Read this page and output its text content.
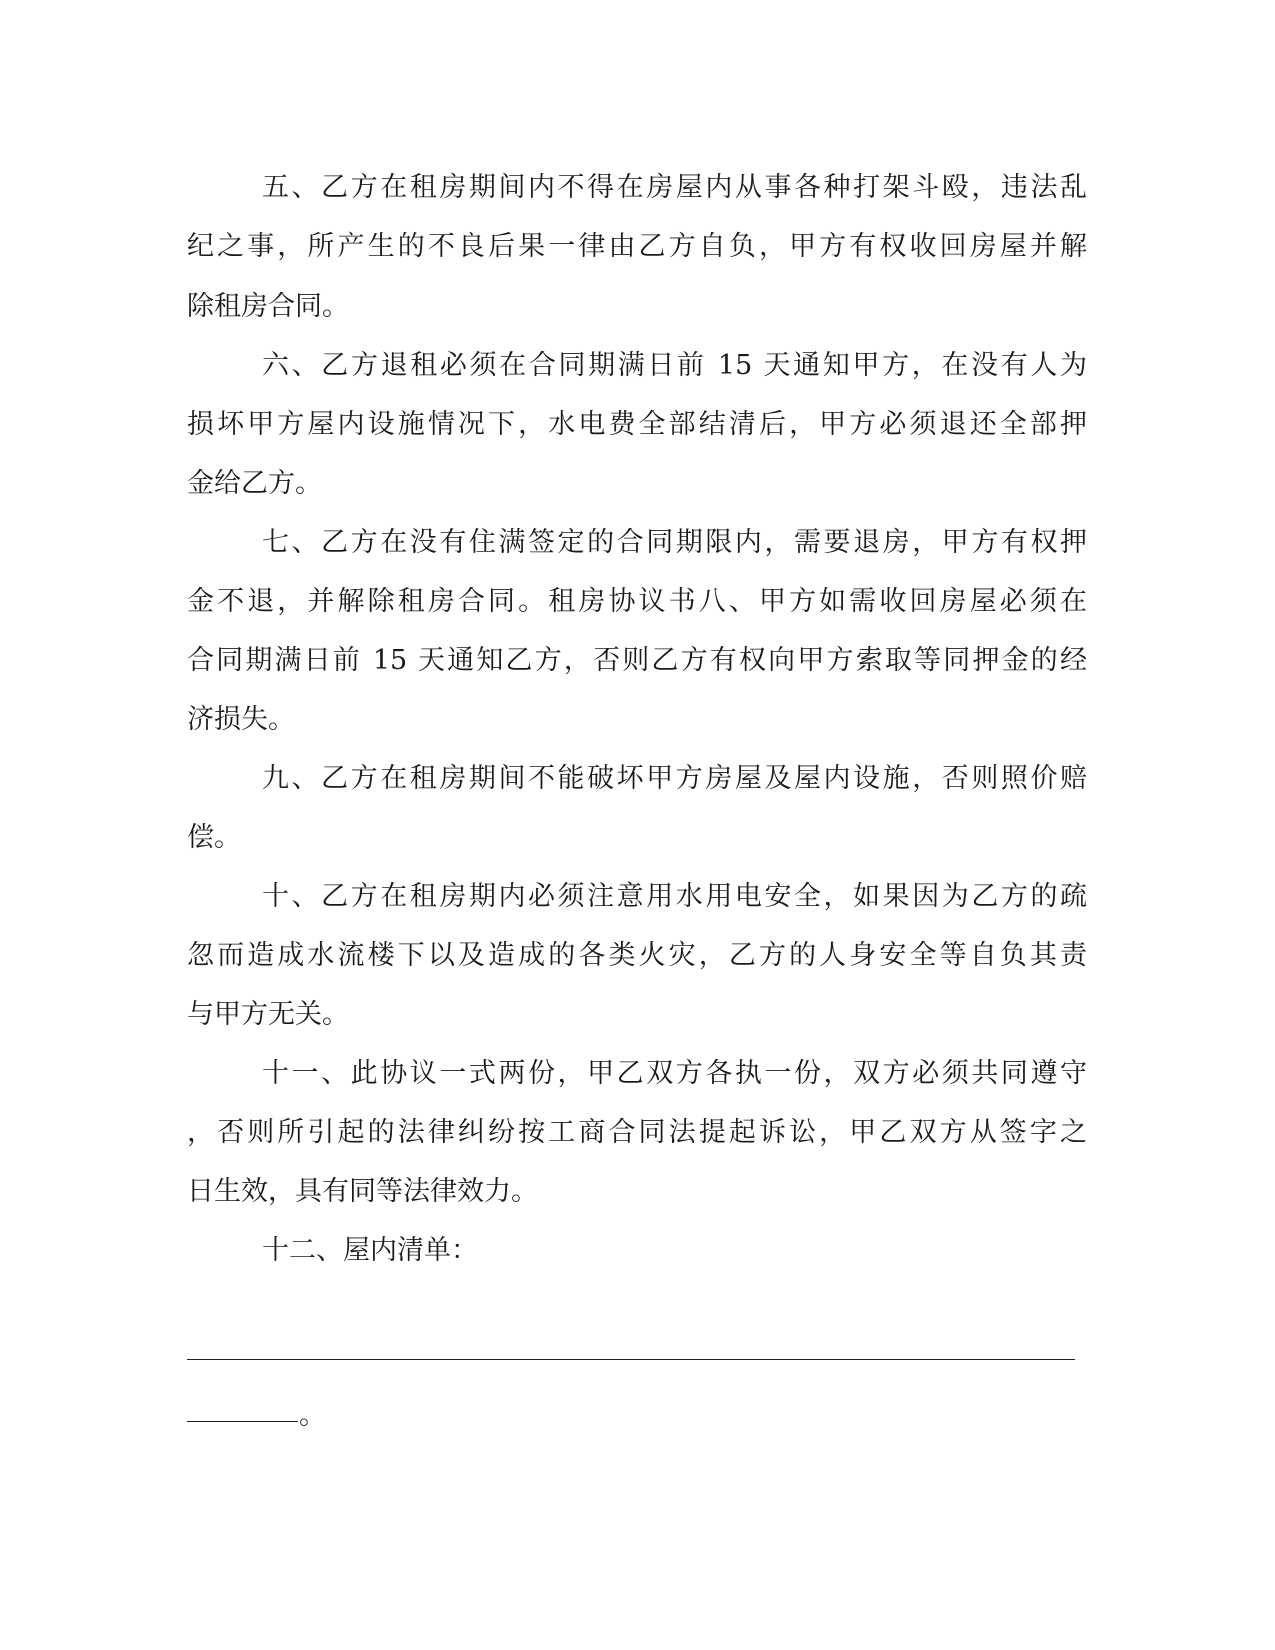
五、乙方在租房期间内不得在房屋内从事各种打架斗殴，违法乱
纪之事，所产生的不良后果一律由乙方自负，甲方有权收回房屋并解
除租房合同。
六、乙方退租必须在合同期满日前 15 天通知甲方，在没有人为
损坏甲方屋内设施情况下，水电费全部结清后，甲方必须退还全部押
金给乙方。
七、乙方在没有住满签定的合同期限内，需要退房，甲方有权押
金不退，并解除租房合同。租房协议书八、甲方如需收回房屋必须在
合同期满日前 15 天通知乙方，否则乙方有权向甲方索取等同押金的经
济损失。
九、乙方在租房期间不能破坏甲方房屋及屋内设施，否则照价赔
偿。
十、乙方在租房期内必须注意用水用电安全，如果因为乙方的疏
忽而造成水流楼下以及造成的各类火灾，乙方的人身安全等自负其责
与甲方无关。
十一、此协议一式两份，甲乙双方各执一份，双方必须共同遵守
，否则所引起的法律纠纷按工商合同法提起诉讼，甲乙双方从签字之
日生效，具有同等法律效力。
十二、屋内清单：
。
